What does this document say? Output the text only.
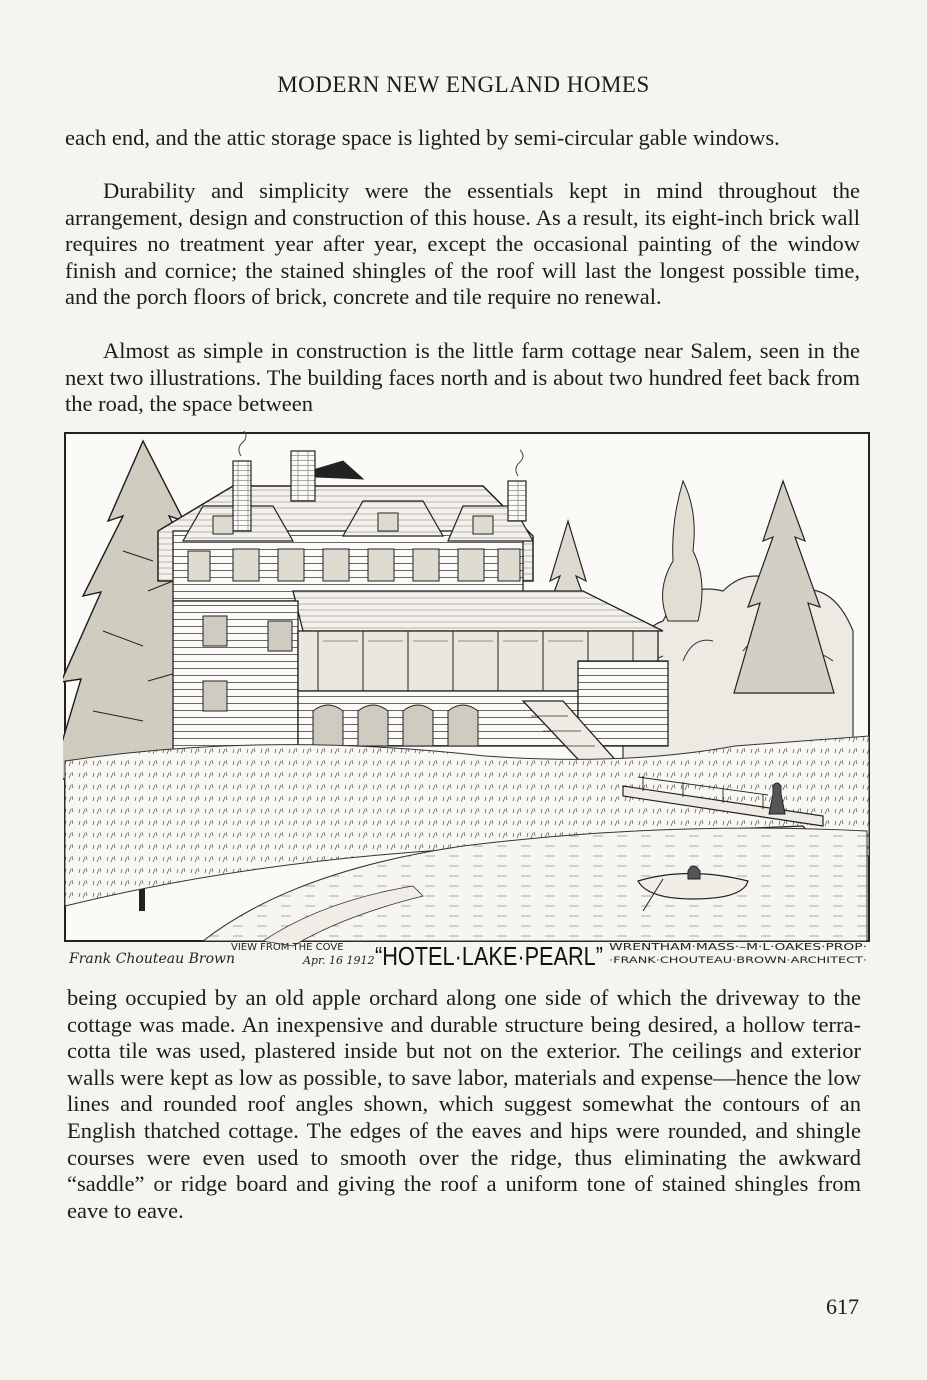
MODERN NEW ENGLAND HOMES

each end, and the attic storage space is lighted by semi-circular gable windows.

Durability and simplicity were the essentials kept in mind throughout the arrangement, design and construction of this house. As a result, its eight-inch brick wall requires no treatment year after year, except the occasional painting of the window finish and cornice; the stained shingles of the roof will last the longest possible time, and the porch floors of brick, concrete and tile require no renewal.

Almost as simple in construction is the little farm cottage near Salem, seen in the next two illustrations. The building faces north and is about two hundred feet back from the road, the space between

Frank Chouteau Brown
VIEW FROM THE COVE
Apr. 16 1912 “HOTEL·LAKE·PEARL” WRENTHAM·MASS·–M·L·OAKES·PROP·
·FRANK·CHOUTEAU·BROWN·ARCHITECT·

being occupied by an old apple orchard along one side of which the driveway to the cottage was made. An inexpensive and durable structure being desired, a hollow terra-cotta tile was used, plastered inside but not on the exterior. The ceilings and exterior walls were kept as low as possible, to save labor, materials and expense—hence the low lines and rounded roof angles shown, which suggest somewhat the contours of an English thatched cottage. The edges of the eaves and hips were rounded, and shingle courses were even used to smooth over the ridge, thus eliminating the awkward “saddle” or ridge board and giving the roof a uniform tone of stained shingles from eave to eave.

617
